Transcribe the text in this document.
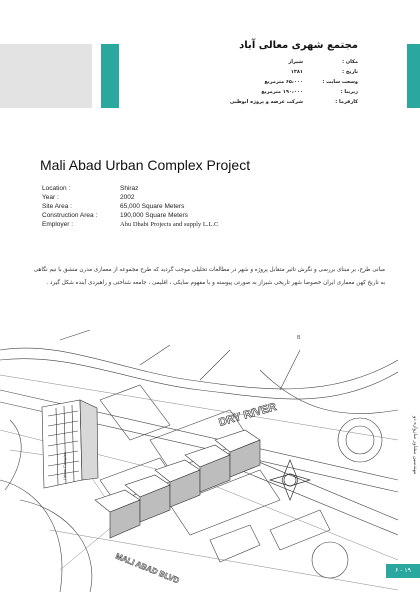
مجتمع شهری معالی آباد
مکان :
شیراز
تاریخ :
۱۳۸۱
وسعت سایت :
۶۵،۰۰۰ مترمربع
زیربنا :
۱۹۰،۰۰۰ مترمربع
کارفرما :
شرکت عرضه و پروژه ابوظبی
Mali Abad Urban Complex Project
Location :	Shiraz
Year :	2002
Site Area :	65,000 Square Meters
Construction Area :	190,000 Square Meters
Employer :	Abu Dhabi Projects and supply L.L.C
مبانی طرح، بر مبنای بررسی و نگرش تاثیر متقابل پروژه و شهر در مطالعات تحلیلی موجب گردید که طرح مجموعه از معماری مدرن منشق با نیم نگاهی به تاریخ کهن معماری ایران خصوصا شهر تاریخی شیراز به صورتی پیوسته و با مفهوم سایکی ، اقلیمی ، جامعه شناختی و راهبردی آینده شکل گیرد .
B
DRY RIVER
MALI ABAD BLVD
Urban Complex	مهندسین مشاور سازواره دو
۶ - ۱۹
